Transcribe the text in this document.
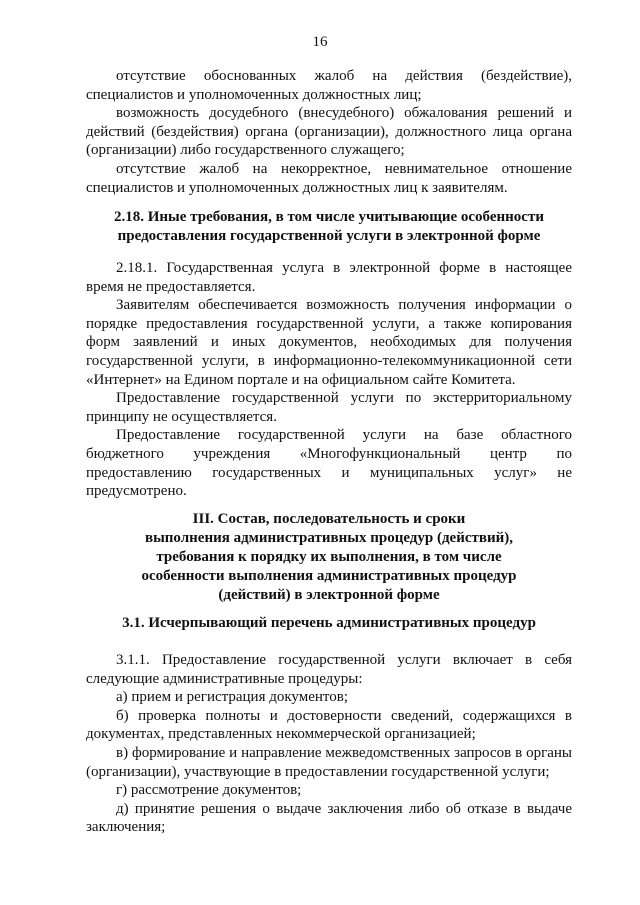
16
отсутствие обоснованных жалоб на действия (бездействие), специалистов и уполномоченных должностных лиц;
возможность досудебного (внесудебного) обжалования решений и действий (бездействия) органа (организации), должностного лица органа (организации) либо государственного служащего;
отсутствие жалоб на некорректное, невнимательное отношение специалистов и уполномоченных должностных лиц к заявителям.
2.18. Иные требования, в том числе учитывающие особенности
предоставления государственной услуги в электронной форме
2.18.1. Государственная услуга в электронной форме в настоящее время не предоставляется.
Заявителям обеспечивается возможность получения информации о порядке предоставления государственной услуги, а также копирования форм заявлений и иных документов, необходимых для получения государственной услуги, в информационно-телекоммуникационной сети «Интернет» на Едином портале и на официальном сайте Комитета.
Предоставление государственной услуги по экстерриториальному принципу не осуществляется.
Предоставление государственной услуги на базе областного бюджетного учреждения «Многофункциональный центр по предоставлению государственных и муниципальных услуг» не предусмотрено.
III. Состав, последовательность и сроки
выполнения административных процедур (действий),
требования к порядку их выполнения, в том числе
особенности выполнения административных процедур
(действий) в электронной форме
3.1. Исчерпывающий перечень административных процедур
3.1.1. Предоставление государственной услуги включает в себя следующие административные процедуры:
а) прием и регистрация документов;
б) проверка полноты и достоверности сведений, содержащихся в документах, представленных некоммерческой организацией;
в) формирование и направление межведомственных запросов в органы (организации), участвующие в предоставлении государственной услуги;
г) рассмотрение документов;
д) принятие решения о выдаче заключения либо об отказе в выдаче заключения;
